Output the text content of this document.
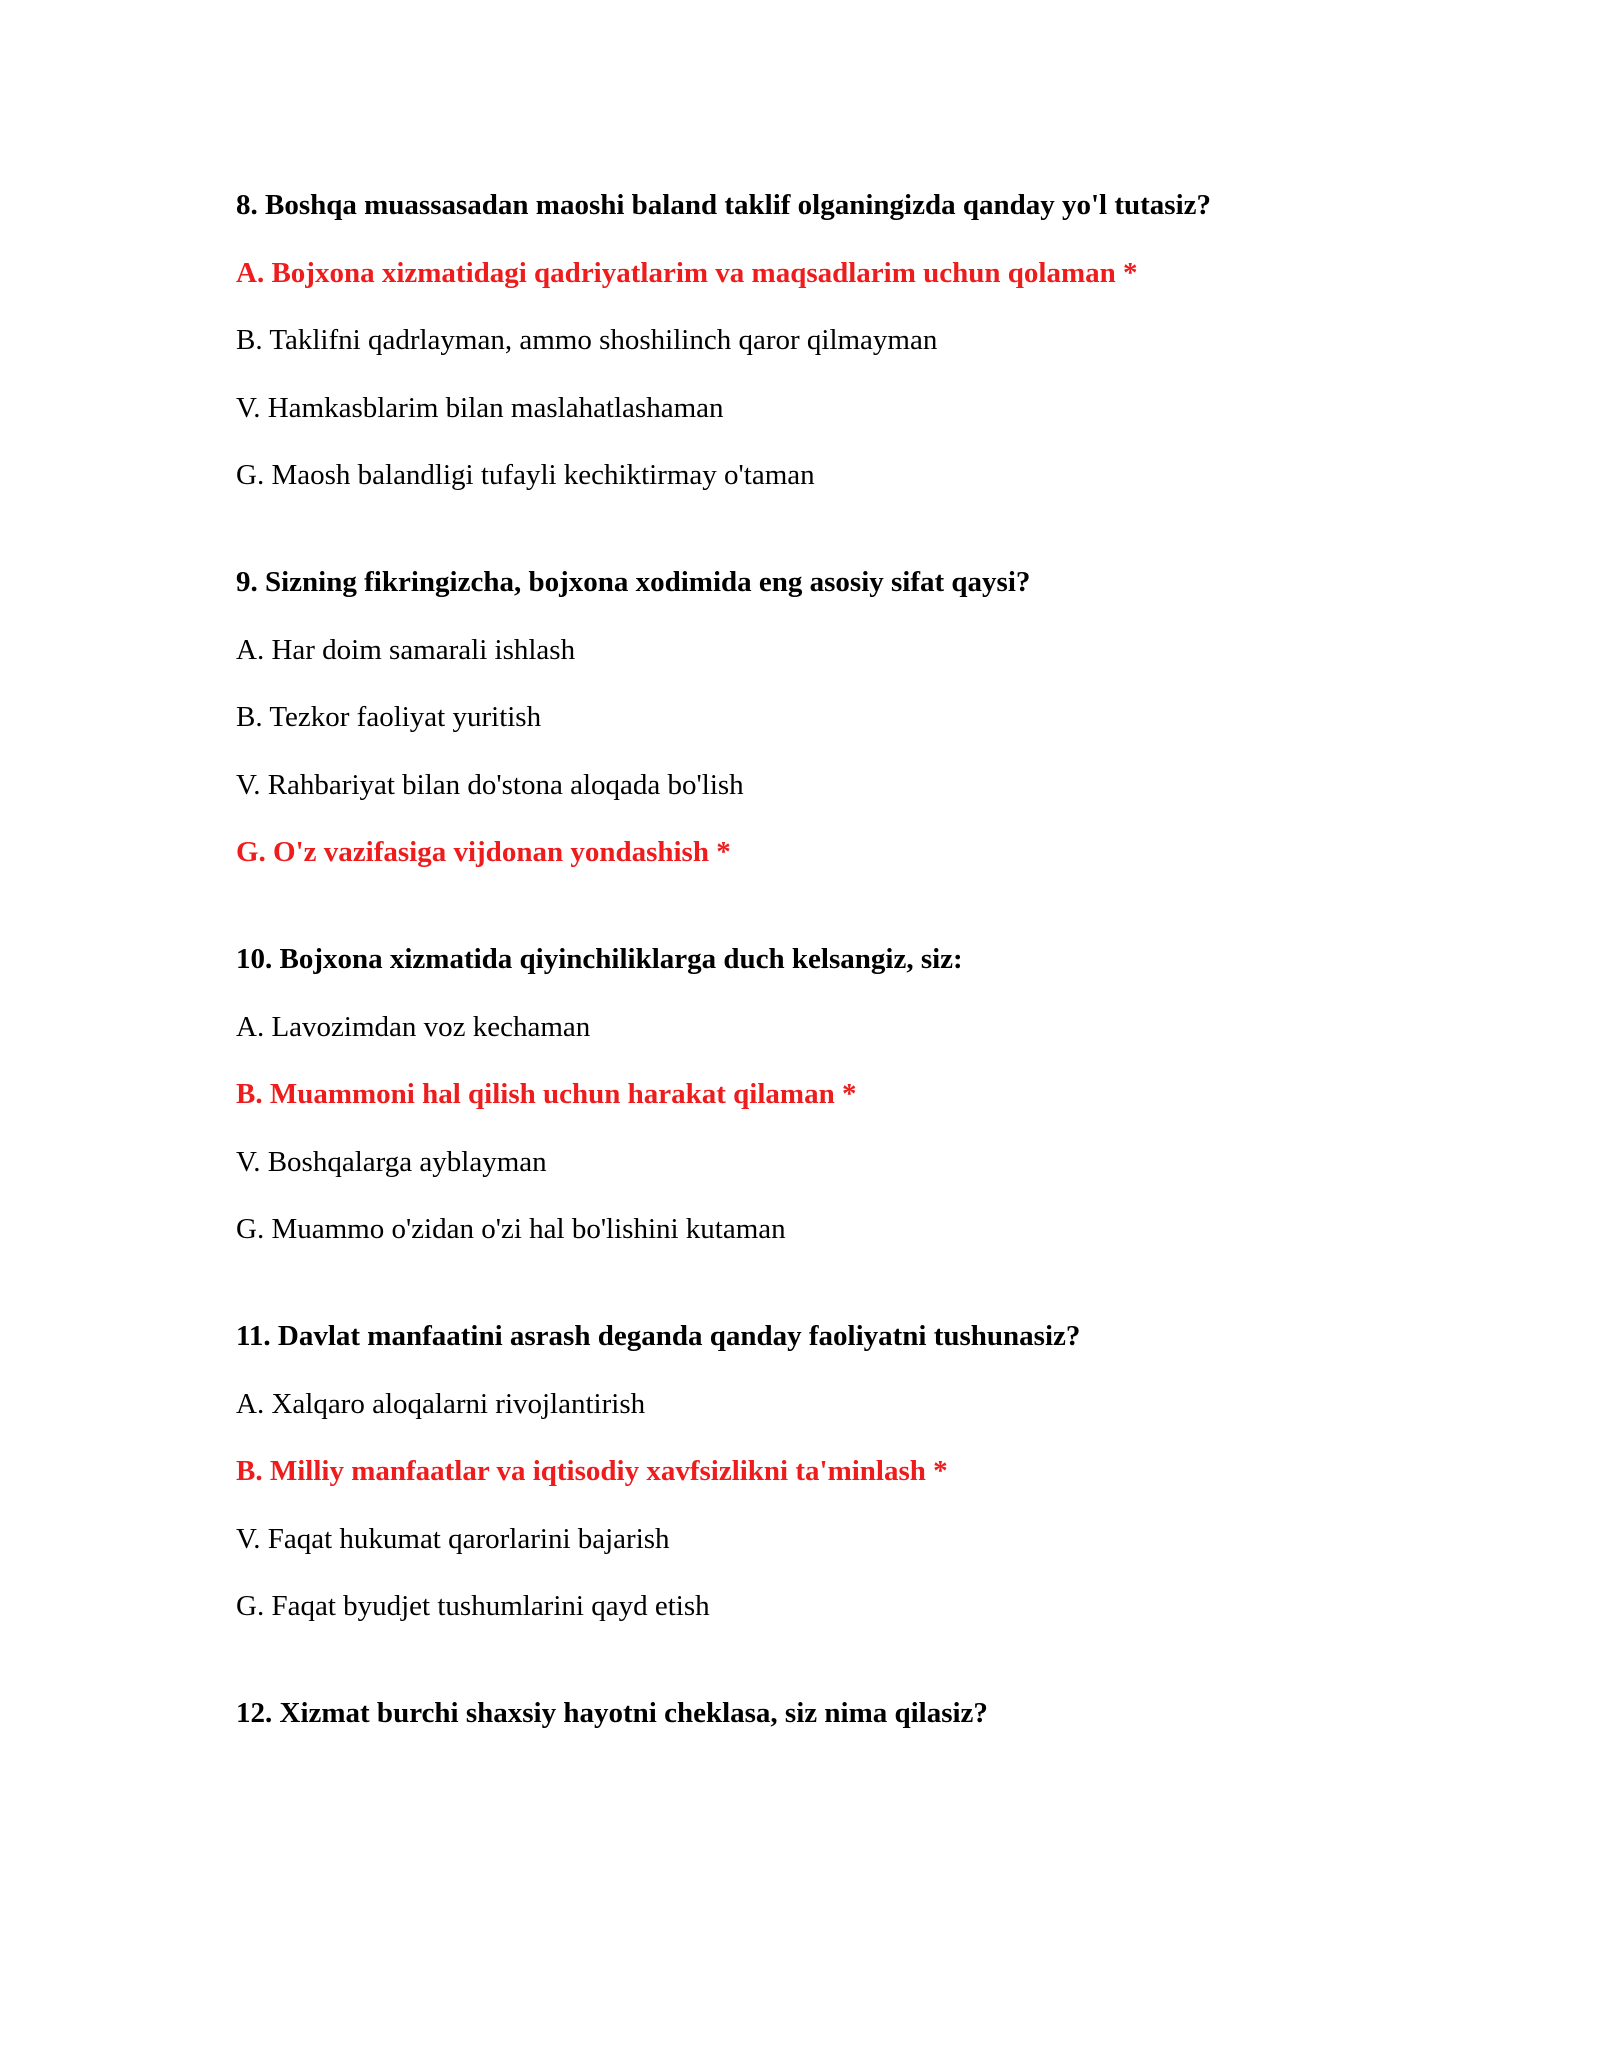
8. Boshqa muassasadan maoshi baland taklif olganingizda qanday yo'l tutasiz?
A. Bojxona xizmatidagi qadriyatlarim va maqsadlarim uchun qolaman *
B. Taklifni qadrlayman, ammo shoshilinch qaror qilmayman
V. Hamkasblarim bilan maslahatlashaman
G. Maosh balandligi tufayli kechiktirmay o'taman
9. Sizning fikringizcha, bojxona xodimida eng asosiy sifat qaysi?
A. Har doim samarali ishlash
B. Tezkor faoliyat yuritish
V. Rahbariyat bilan do'stona aloqada bo'lish
G. O'z vazifasiga vijdonan yondashish *
10. Bojxona xizmatida qiyinchiliklarga duch kelsangiz, siz:
A. Lavozimdan voz kechaman
B. Muammoni hal qilish uchun harakat qilaman *
V. Boshqalarga ayblayman
G. Muammo o'zidan o'zi hal bo'lishini kutaman
11. Davlat manfaatini asrash deganda qanday faoliyatni tushunasiz?
A. Xalqaro aloqalarni rivojlantirish
B. Milliy manfaatlar va iqtisodiy xavfsizlikni ta'minlash *
V. Faqat hukumat qarorlarini bajarish
G. Faqat byudjet tushumlarini qayd etish
12. Xizmat burchi shaxsiy hayotni cheklasa, siz nima qilasiz?
